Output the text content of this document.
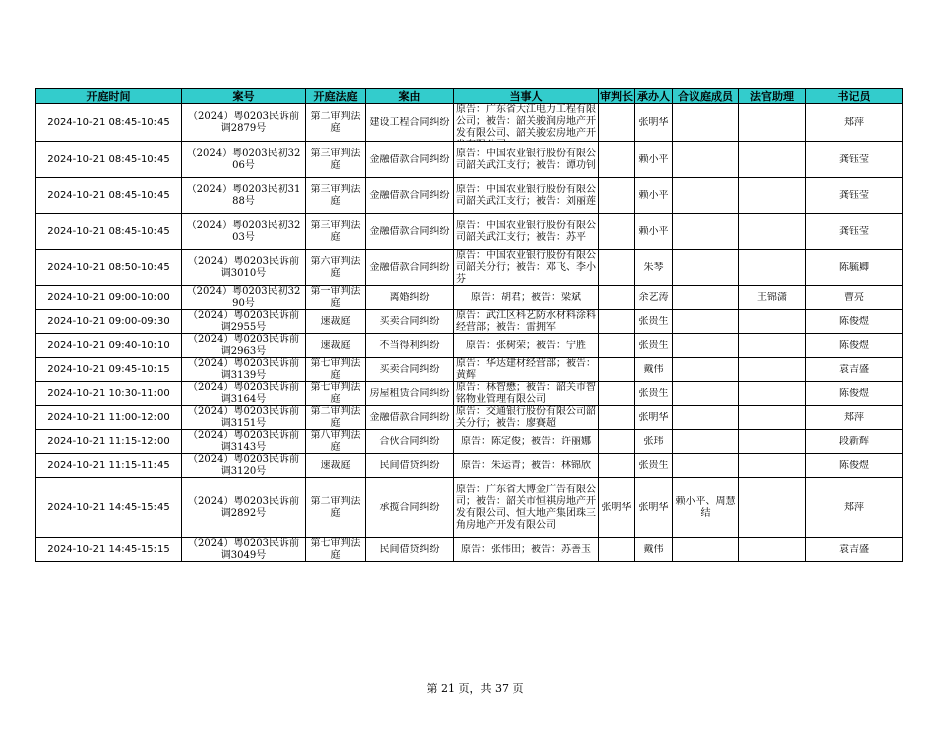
开庭时间	案号	开庭法庭	案由	当事人	审判长	承办人	合议庭成员	法官助理	书记员

2024-10-21 08:45-10:45	（2024）粤0203民诉前调2879号	第二审判法庭	建设工程合同纠纷	原告：广东省大江电力工程有限公司；被告：韶关骏润房地产开发有限公司、韶关骏宏房地产开		张明华			郑萍

2024-10-21 08:45-10:45	（2024）粤0203民初3206号	第三审判法庭	金融借款合同纠纷	原告：中国农业银行股份有限公司韶关武江支行；被告：谭功钊		赖小平			龚钰莹

2024-10-21 08:45-10:45	（2024）粤0203民初3188号	第三审判法庭	金融借款合同纠纷	原告：中国农业银行股份有限公司韶关武江支行；被告：刘丽莲		赖小平			龚钰莹

2024-10-21 08:45-10:45	（2024）粤0203民初3203号	第三审判法庭	金融借款合同纠纷	原告：中国农业银行股份有限公司韶关武江支行；被告：苏平		赖小平			龚钰莹

2024-10-21 08:50-10:45	（2024）粤0203民诉前调3010号	第六审判法庭	金融借款合同纠纷	原告：中国农业银行股份有限公司韶关分行；被告：邓飞、李小芬		朱琴			陈毓卿

2024-10-21 09:00-10:00	（2024）粤0203民初3290号	第一审判法庭	离婚纠纷	原告：胡君；被告：梁斌		余艺涛		王锦潇	曹亮

2024-10-21 09:00-09:30	（2024）粤0203民诉前调2955号	速裁庭	买卖合同纠纷	原告：武江区科艺防水材料涂料经营部；被告：雷拥军		张贵生			陈俊煜

2024-10-21 09:40-10:10	（2024）粤0203民诉前调2963号	速裁庭	不当得利纠纷	原告：张树荣；被告：宁胜		张贵生			陈俊煜

2024-10-21 09:45-10:15	（2024）粤0203民诉前调3139号	第七审判法庭	买卖合同纠纷	原告：华达建材经营部；被告：黄辉		戴伟			袁吉盛

2024-10-21 10:30-11:00	（2024）粤0203民诉前调3164号	第七审判法庭	房屋租赁合同纠纷	原告：林智懋；被告：韶关市智铭物业管理有限公司		张贵生			陈俊煜

2024-10-21 11:00-12:00	（2024）粤0203民诉前调3151号	第二审判法庭	金融借款合同纠纷	原告：交通银行股份有限公司韶关分行；被告：廖賽超		张明华			郑萍

2024-10-21 11:15-12:00	（2024）粤0203民诉前调3143号	第八审判法庭	合伙合同纠纷	原告：陈定俊；被告：许丽娜		张玮			段新辉

2024-10-21 11:15-11:45	（2024）粤0203民诉前调3120号	速裁庭	民间借贷纠纷	原告：朱运青；被告：林锦欣		张贵生			陈俊煜

2024-10-21 14:45-15:45	（2024）粤0203民诉前调2892号	第二审判法庭	承揽合同纠纷	原告：广东省大博金广告有限公司；被告：韶关市恒祺房地产开发有限公司、恒大地产集团珠三角房地产开发有限公司	张明华	张明华	赖小平、周慧结		郑萍

2024-10-21 14:45-15:15	（2024）粤0203民诉前调3049号	第七审判法庭	民间借贷纠纷	原告：张伟田；被告：苏善玉		戴伟			袁吉盛
第 21 页，共 37 页
